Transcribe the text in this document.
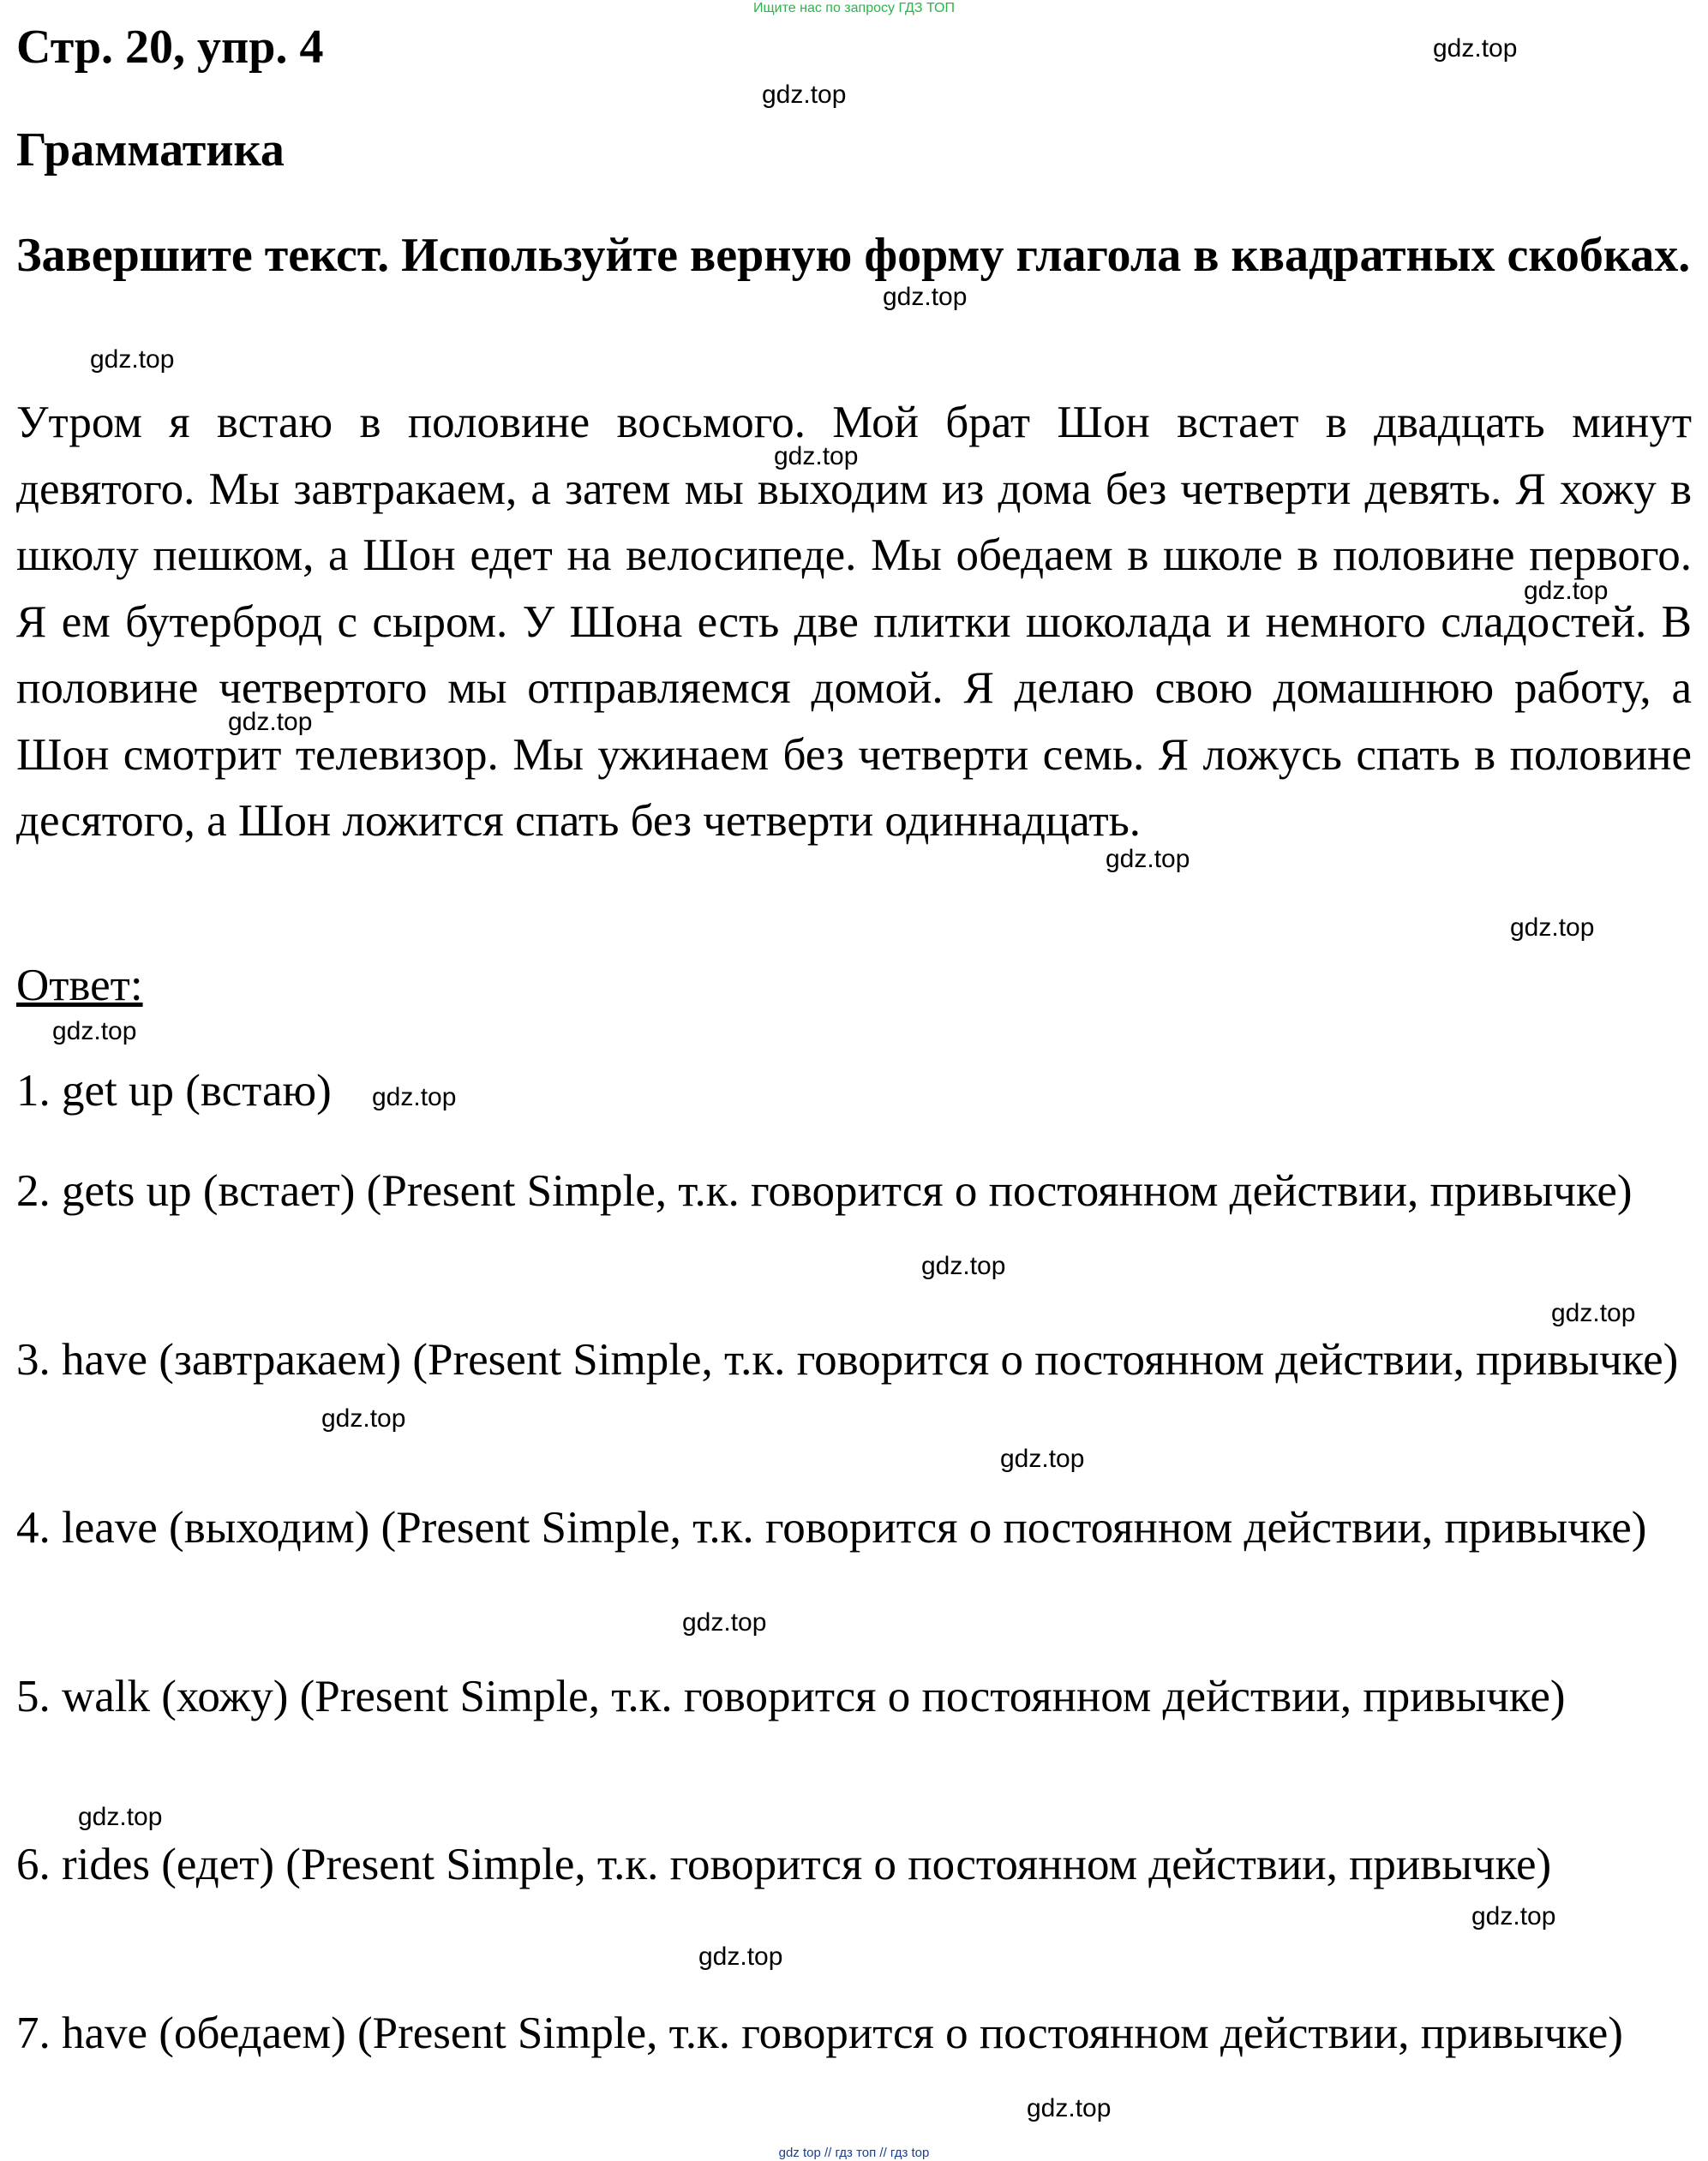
Ищите нас по запросу ГДЗ ТОП
Стр. 20, упр. 4
Грамматика
Завершите текст. Используйте верную форму глагола в квадратных скобках.
Утром я встаю в половине восьмого. Мой брат Шон встает в двадцать минут девятого. Мы завтракаем, а затем мы выходим из дома без четверти девять. Я хожу в школу пешком, а Шон едет на велосипеде. Мы обедаем в школе в половине первого. Я ем бутерброд с сыром. У Шона есть две плитки шоколада и немного сладостей. В половине четвертого мы отправляемся домой. Я делаю свою домашнюю работу, а Шон смотрит телевизор. Мы ужинаем без четверти семь. Я ложусь спать в половине десятого, а Шон ложится спать без четверти одиннадцать.
Ответ:
1. get up (встаю)
2. gets up (встает) (Present Simple, т.к. говорится о постоянном действии, привычке)
3. have (завтракаем) (Present Simple, т.к. говорится о постоянном действии, привычке)
4. leave (выходим) (Present Simple, т.к. говорится о постоянном действии, привычке)
5. walk (хожу) (Present Simple, т.к. говорится о постоянном действии, привычке)
6. rides (едет) (Present Simple, т.к. говорится о постоянном действии, привычке)
7. have (обедаем) (Present Simple, т.к. говорится о постоянном действии, привычке)
gdz.top
gdz.top
gdz.top
gdz.top
gdz.top
gdz.top
gdz.top
gdz.top
gdz.top
gdz.top
gdz.top
gdz.top
gdz.top
gdz.top
gdz.top
gdz.top
gdz.top
gdz.top
gdz.top
gdz.top
gdz top // гдз топ // гдз top
